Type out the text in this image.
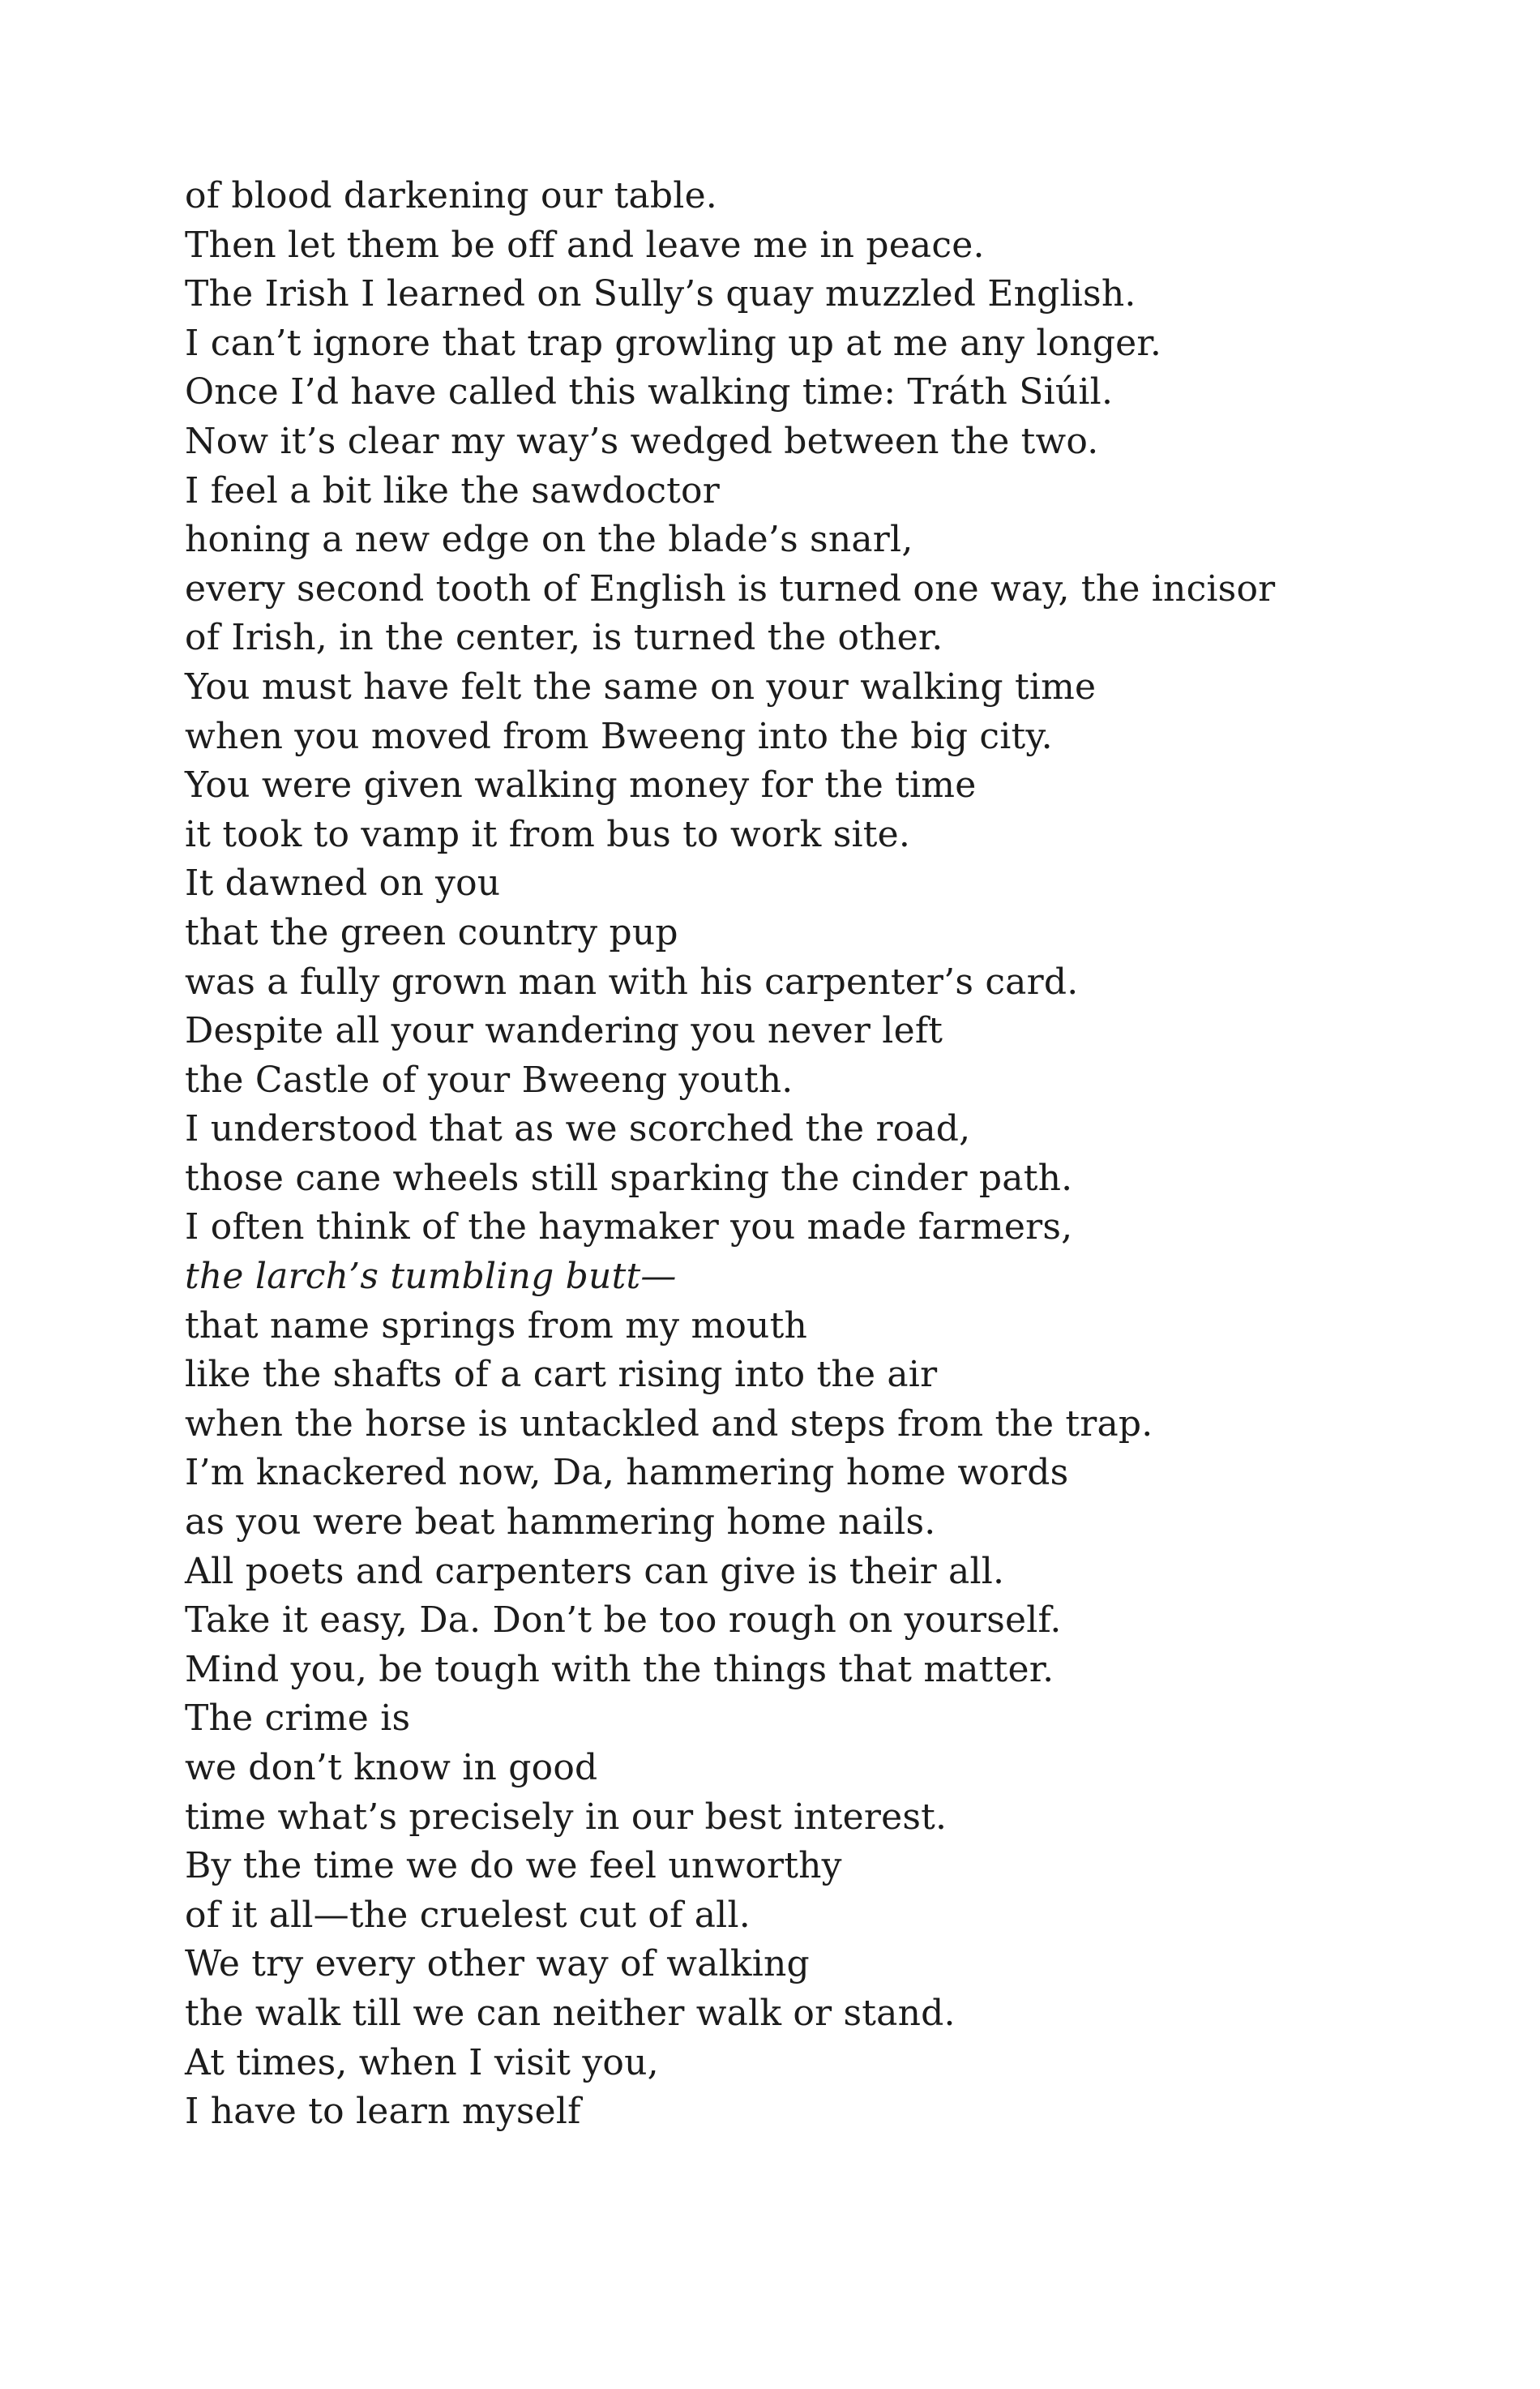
of blood darkening our table.
Then let them be off and leave me in peace.
The Irish I learned on Sully’s quay muzzled English.
I can’t ignore that trap growling up at me any longer.
Once I’d have called this walking time: Tráth Siúil.
Now it’s clear my way’s wedged between the two.
I feel a bit like the sawdoctor
honing a new edge on the blade’s snarl,
every second tooth of English is turned one way, the incisor
of Irish, in the center, is turned the other.
You must have felt the same on your walking time
when you moved from Bweeng into the big city.
You were given walking money for the time
it took to vamp it from bus to work site.
It dawned on you
that the green country pup
was a fully grown man with his carpenter’s card.
Despite all your wandering you never left
the Castle of your Bweeng youth.
I understood that as we scorched the road,
those cane wheels still sparking the cinder path.
I often think of the haymaker you made farmers,
the larch’s tumbling butt—
that name springs from my mouth
like the shafts of a cart rising into the air
when the horse is untackled and steps from the trap.
I’m knackered now, Da, hammering home words
as you were beat hammering home nails.
All poets and carpenters can give is their all.
Take it easy, Da. Don’t be too rough on yourself.
Mind you, be tough with the things that matter.
The crime is
we don’t know in good
time what’s precisely in our best interest.
By the time we do we feel unworthy
of it all—the cruelest cut of all.
We try every other way of walking
the walk till we can neither walk or stand.
At times, when I visit you,
I have to learn myself
